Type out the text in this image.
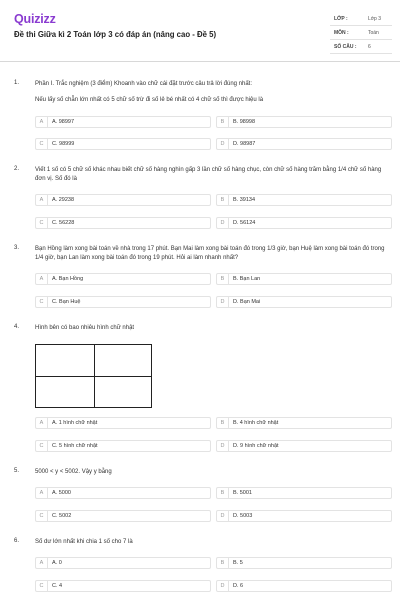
Quizizz
Đề thi Giữa kì 2 Toán lớp 3 có đáp án (nâng cao - Đề 5)
LỚP :	Lớp 3
MÔN :	Toán
SỐ CÂU : 6
1.	Phần I. Trắc nghiệm (3 điểm) Khoanh vào chữ cái đặt trước câu trả lời đúng nhất:
Nếu lấy số chẵn lớn nhất có 5 chữ số trừ đi số lẻ bé nhất có 4 chữ số thì được hiệu là
A	A. 98997	B	B. 98998
C	C. 98999	D	D. 98987
2.	Viết 1 số có 5 chữ số khác nhau biết chữ số hàng nghìn gấp 3 lần chữ số hàng chục, còn chữ số hàng trăm bằng 1/4 chữ số hàng đơn vị. Số đó là
A	A. 29238	B	B. 39134
C	C. 56228	D	D. 56124
3.	Bạn Hồng làm xong bài toán về nhà trong 17 phút. Bạn Mai làm xong bài toán đó trong 1/3 giờ, bạn Huệ làm xong bài toán đó trong 1/4 giờ, bạn Lan làm xong bài toán đó trong 19 phút. Hỏi ai làm nhanh nhất?
A	A. Bạn Hồng	B	B. Bạn Lan
C	C. Bạn Huệ	D	D. Bạn Mai
4.	Hình bên có bao nhiêu hình chữ nhật
A	A. 1 hình chữ nhật	B	B. 4 hình chữ nhật
C	C. 5 hình chữ nhật	D	D. 9 hình chữ nhật
5.	5000 < y < 5002. Vậy y bằng
A	A. 5000	B	B. 5001
C	C. 5002	D	D. 5003
6.	Số dư lớn nhất khi chia 1 số cho 7 là
A	A. 0	B	B. 5
C	C. 4	D	D. 6
